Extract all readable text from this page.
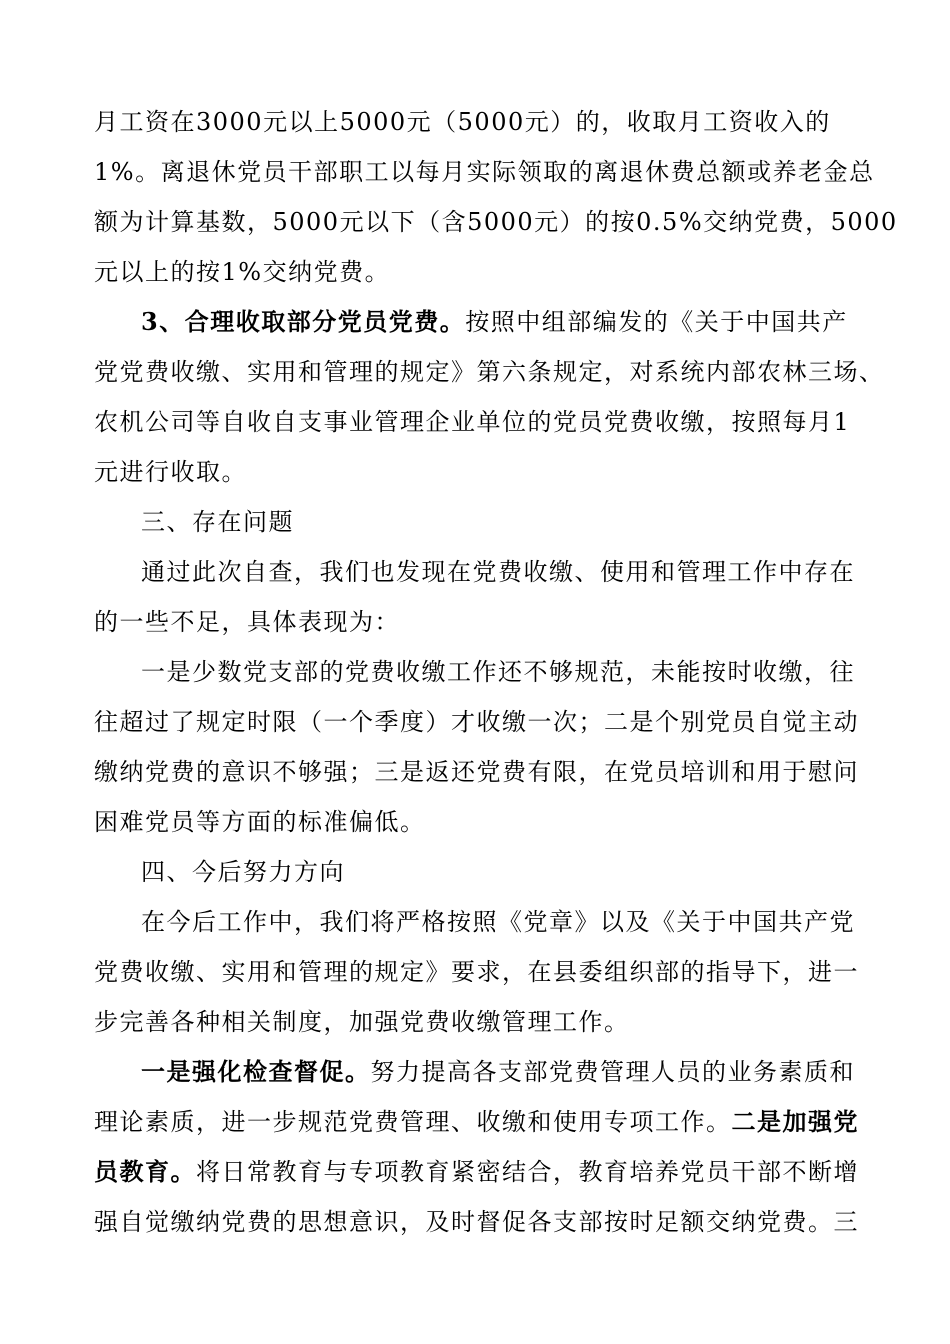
月工资在3000元以上5000元（5000元）的，收取月工资收入的
1%。离退休党员干部职工以每月实际领取的离退休费总额或养老金总
额为计算基数，5000元以下（含5000元）的按0.5%交纳党费，5000
元以上的按1%交纳党费。
3、合理收取部分党员党费。按照中组部编发的《关于中国共产
党党费收缴、实用和管理的规定》第六条规定，对系统内部农林三场、
农机公司等自收自支事业管理企业单位的党员党费收缴，按照每月1
元进行收取。
三、存在问题
通过此次自查，我们也发现在党费收缴、使用和管理工作中存在
的一些不足，具体表现为：
一是少数党支部的党费收缴工作还不够规范，未能按时收缴，往
往超过了规定时限（一个季度）才收缴一次；二是个别党员自觉主动
缴纳党费的意识不够强；三是返还党费有限，在党员培训和用于慰问
困难党员等方面的标准偏低。
四、今后努力方向
在今后工作中，我们将严格按照《党章》以及《关于中国共产党
党费收缴、实用和管理的规定》要求，在县委组织部的指导下，进一
步完善各种相关制度，加强党费收缴管理工作。
一是强化检查督促。努力提高各支部党费管理人员的业务素质和
理论素质，进一步规范党费管理、收缴和使用专项工作。二是加强党
员教育。将日常教育与专项教育紧密结合，教育培养党员干部不断增
强自觉缴纳党费的思想意识，及时督促各支部按时足额交纳党费。三
